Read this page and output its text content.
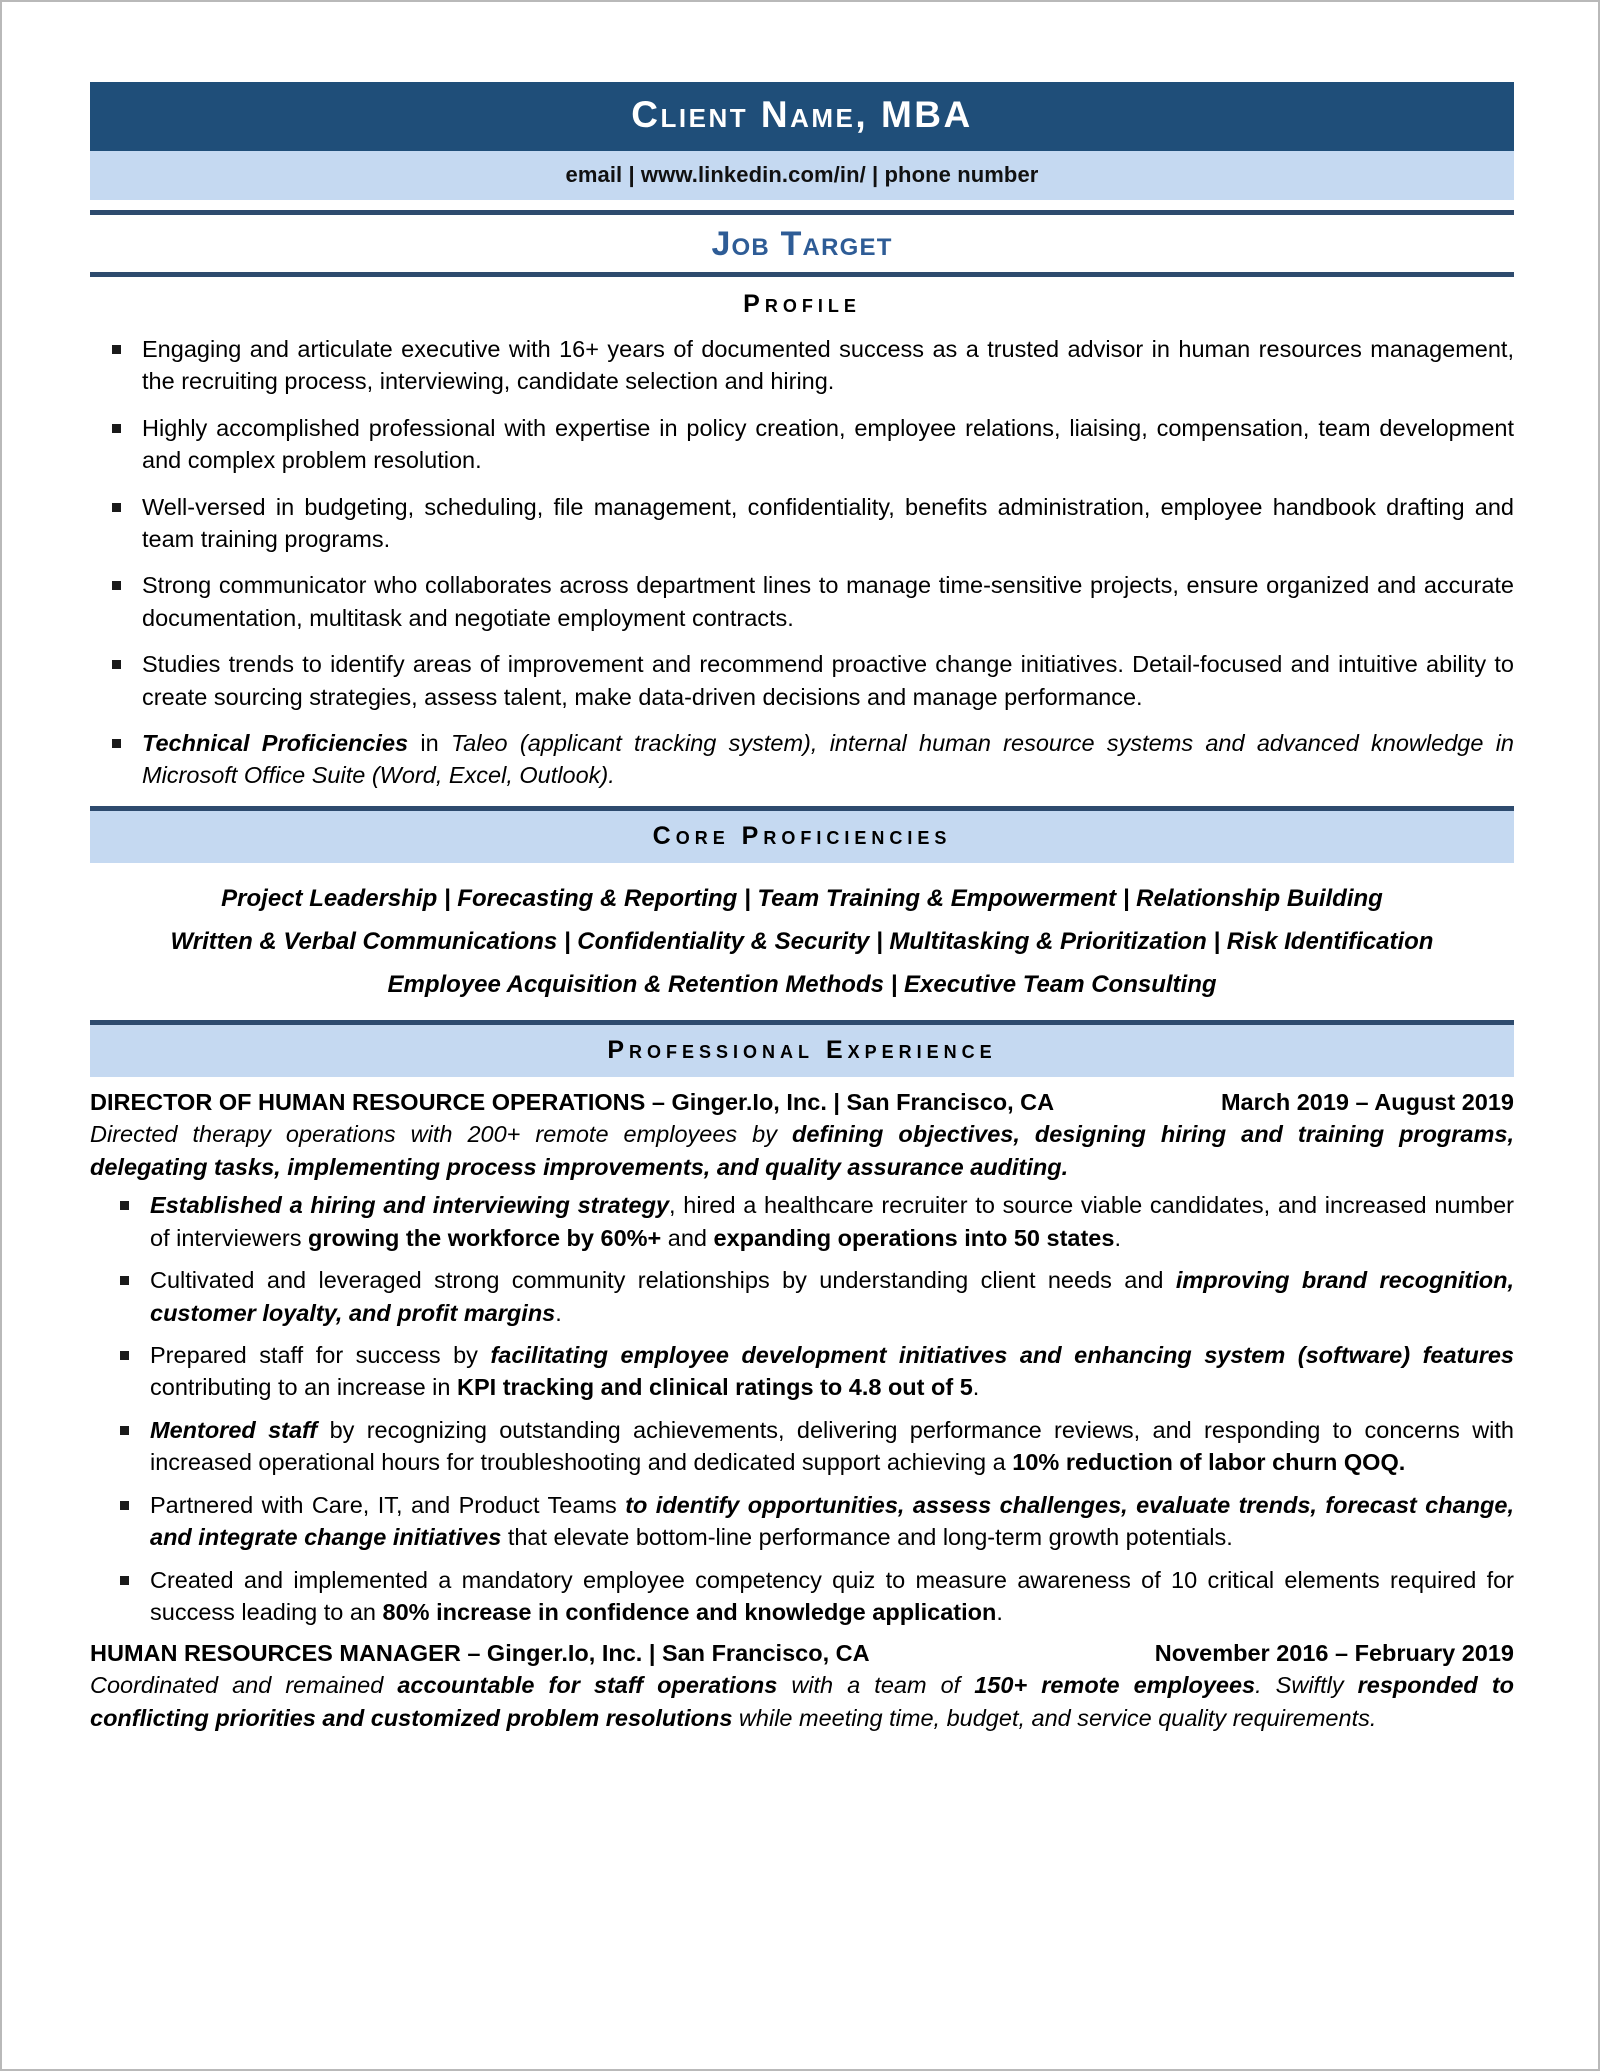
Client Name, MBA
email | www.linkedin.com/in/ | phone number
Job Target
Profile
Engaging and articulate executive with 16+ years of documented success as a trusted advisor in human resources management, the recruiting process, interviewing, candidate selection and hiring.
Highly accomplished professional with expertise in policy creation, employee relations, liaising, compensation, team development and complex problem resolution.
Well-versed in budgeting, scheduling, file management, confidentiality, benefits administration, employee handbook drafting and team training programs.
Strong communicator who collaborates across department lines to manage time-sensitive projects, ensure organized and accurate documentation, multitask and negotiate employment contracts.
Studies trends to identify areas of improvement and recommend proactive change initiatives. Detail-focused and intuitive ability to create sourcing strategies, assess talent, make data-driven decisions and manage performance.
Technical Proficiencies in Taleo (applicant tracking system), internal human resource systems and advanced knowledge in Microsoft Office Suite (Word, Excel, Outlook).
Core Proficiencies
Project Leadership | Forecasting & Reporting | Team Training & Empowerment | Relationship Building
Written & Verbal Communications | Confidentiality & Security | Multitasking & Prioritization | Risk Identification
Employee Acquisition & Retention Methods | Executive Team Consulting
Professional Experience
DIRECTOR OF HUMAN RESOURCE OPERATIONS – Ginger.Io, Inc. | San Francisco, CA	March 2019 – August 2019
Directed therapy operations with 200+ remote employees by defining objectives, designing hiring and training programs, delegating tasks, implementing process improvements, and quality assurance auditing.
Established a hiring and interviewing strategy, hired a healthcare recruiter to source viable candidates, and increased number of interviewers growing the workforce by 60%+ and expanding operations into 50 states.
Cultivated and leveraged strong community relationships by understanding client needs and improving brand recognition, customer loyalty, and profit margins.
Prepared staff for success by facilitating employee development initiatives and enhancing system (software) features contributing to an increase in KPI tracking and clinical ratings to 4.8 out of 5.
Mentored staff by recognizing outstanding achievements, delivering performance reviews, and responding to concerns with increased operational hours for troubleshooting and dedicated support achieving a 10% reduction of labor churn QOQ.
Partnered with Care, IT, and Product Teams to identify opportunities, assess challenges, evaluate trends, forecast change, and integrate change initiatives that elevate bottom-line performance and long-term growth potentials.
Created and implemented a mandatory employee competency quiz to measure awareness of 10 critical elements required for success leading to an 80% increase in confidence and knowledge application.
HUMAN RESOURCES MANAGER – Ginger.Io, Inc. | San Francisco, CA	November 2016 – February 2019
Coordinated and remained accountable for staff operations with a team of 150+ remote employees. Swiftly responded to conflicting priorities and customized problem resolutions while meeting time, budget, and service quality requirements.
